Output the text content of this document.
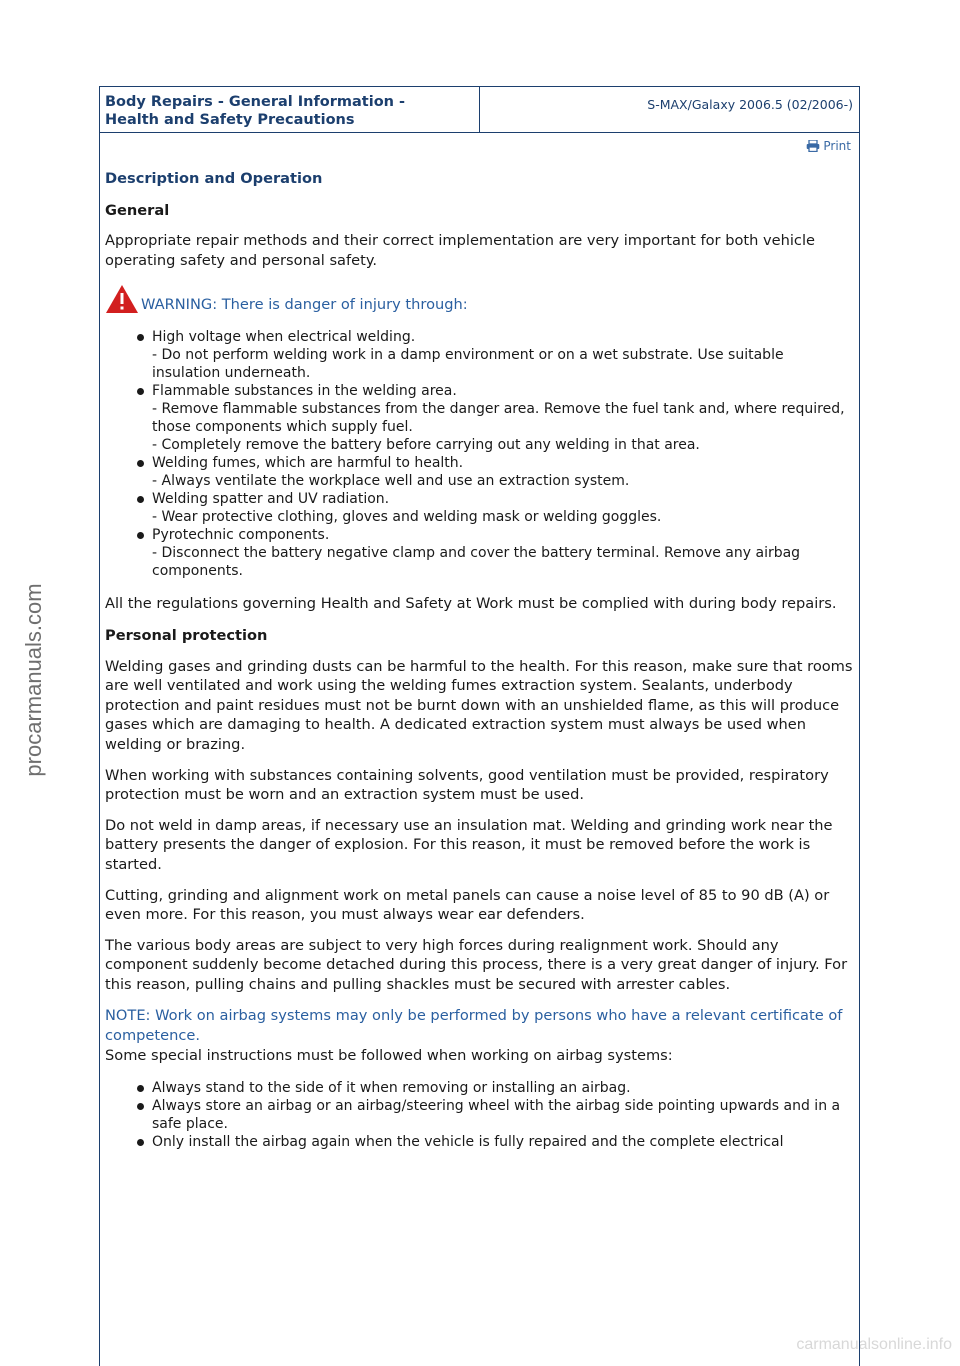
procarmanuals.com
carmanualsonline.info
Body Repairs - General Information -
Health and Safety Precautions
S-MAX/Galaxy 2006.5 (02/2006-)
Print
Description and Operation
General

Appropriate repair methods and their correct implementation are very important for both vehicle operating safety and personal safety.

WARNING: There is danger of injury through:
High voltage when electrical welding.
- Do not perform welding work in a damp environment or on a wet substrate. Use suitable insulation underneath.
Flammable substances in the welding area.
- Remove flammable substances from the danger area. Remove the fuel tank and, where required, those components which supply fuel.
- Completely remove the battery before carrying out any welding in that area.
Welding fumes, which are harmful to health.
- Always ventilate the workplace well and use an extraction system.
Welding spatter and UV radiation.
- Wear protective clothing, gloves and welding mask or welding goggles.
Pyrotechnic components.
- Disconnect the battery negative clamp and cover the battery terminal. Remove any airbag components.

All the regulations governing Health and Safety at Work must be complied with during body repairs.

Personal protection

Welding gases and grinding dusts can be harmful to the health. For this reason, make sure that rooms are well ventilated and work using the welding fumes extraction system. Sealants, underbody protection and paint residues must not be burnt down with an unshielded flame, as this will produce gases which are damaging to health. A dedicated extraction system must always be used when welding or brazing.

When working with substances containing solvents, good ventilation must be provided, respiratory protection must be worn and an extraction system must be used.

Do not weld in damp areas, if necessary use an insulation mat. Welding and grinding work near the battery presents the danger of explosion. For this reason, it must be removed before the work is started.

Cutting, grinding and alignment work on metal panels can cause a noise level of 85 to 90 dB (A) or even more. For this reason, you must always wear ear defenders.

The various body areas are subject to very high forces during realignment work. Should any component suddenly become detached during this process, there is a very great danger of injury. For this reason, pulling chains and pulling shackles must be secured with arrester cables.

NOTE: Work on airbag systems may only be performed by persons who have a relevant certificate of competence.

Some special instructions must be followed when working on airbag systems:

Always stand to the side of it when removing or installing an airbag.
Always store an airbag or an airbag/steering wheel with the airbag side pointing upwards and in a safe place.
Only install the airbag again when the vehicle is fully repaired and the complete electrical
